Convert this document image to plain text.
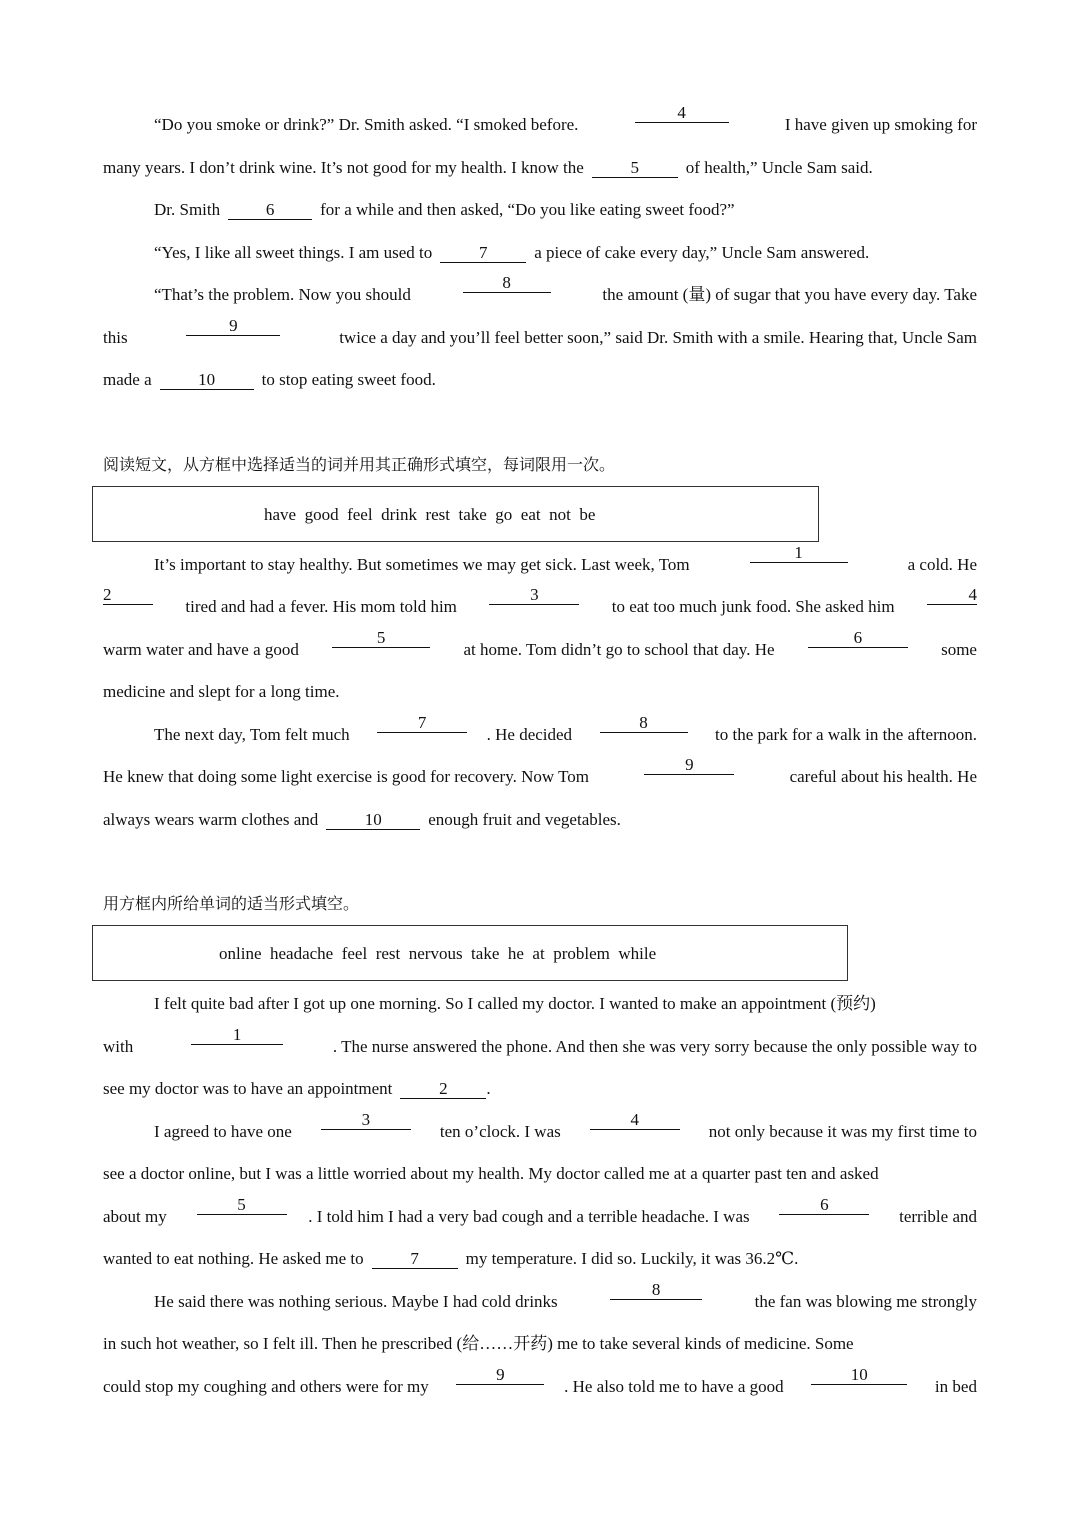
“Do you smoke or drink?” Dr. Smith asked. “I smoked before.
4
I have given up smoking for
many years. I don’t drink wine. It’s not good for my health. I know the	5	of health,” Uncle Sam said.
Dr. Smith	6	for a while and then asked, “Do you like eating sweet food?”
“Yes, I like all sweet things. I am used to	7	a piece of cake every day,” Uncle Sam answered.
“That’s the problem. Now you should
8
the amount (量) of sugar that you have every day. Take
this
9
twice a day and you’ll feel better soon,” said Dr. Smith with a smile. Hearing that, Uncle Sam
made a	10	to stop eating sweet food.
阅读短文，从方框中选择适当的词并用其正确形式填空，每词限用一次。
have  good  feel  drink  rest  take  go  eat  not  be
It’s important to stay healthy. But sometimes we may get sick. Last week, Tom
1
a cold. He
2
tired and had a fever. His mom told him
3
to eat too much junk food. She asked him
4
warm water and have a good
5
at home. Tom didn’t go to school that day. He
6
some
medicine and slept for a long time.
The next day, Tom felt much
7
. He decided
8
to the park for a walk in the afternoon.
He knew that doing some light exercise is good for recovery. Now Tom
9
careful about his health. He
always wears warm clothes and	10	enough fruit and vegetables.
用方框内所给单词的适当形式填空。
online  headache  feel  rest  nervous  take  he  at  problem  while
I felt quite bad after I got up one morning. So I called my doctor. I wanted to make an appointment (预约)
with
1
. The nurse answered the phone. And then she was very sorry because the only possible way to
see my doctor was to have an appointment	2 .
I agreed to have one
3
ten o’clock. I was
4
not only because it was my first time to
see a doctor online, but I was a little worried about my health. My doctor called me at a quarter past ten and asked
about my
5
. I told him I had a very bad cough and a terrible headache. I was
6
terrible and
wanted to eat nothing. He asked me to	7	my temperature. I did so. Luckily, it was 36.2℃.
He said there was nothing serious. Maybe I had cold drinks
8
the fan was blowing me strongly
in such hot weather, so I felt ill. Then he prescribed (给……开药) me to take several kinds of medicine. Some
could stop my coughing and others were for my
9
. He also told me to have a good
10
in bed
